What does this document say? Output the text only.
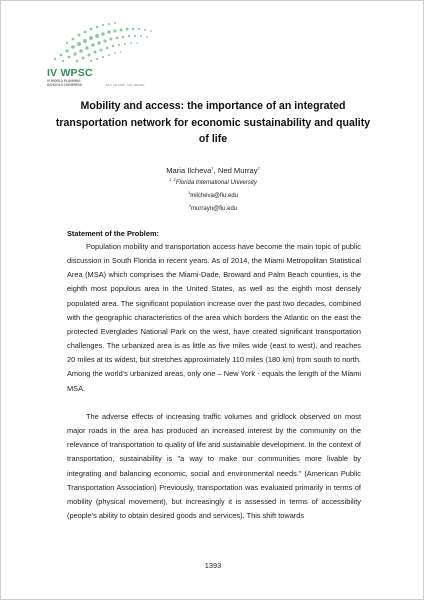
IV WPSC
IV WORLD PLANNING SCHOOLS CONGRESS	JULY 4-8 2016 · RIO, BRAZIL
Mobility and access: the importance of an integrated transportation network for economic sustainability and quality of life
Maria Ilcheva$^1$, Ned Murray$^2$
$^{1, 2}$Florida International University
$^1$milcheva@fiu.edu
$^2$murrayn@fiu.edu
Statement of the Problem:

Population mobility and transportation access have become the main topic of public discussion in South Florida in recent years. As of 2014, the Miami Metropolitan Statistical Area (MSA) which comprises the Miami-Dade, Broward and Palm Beach counties, is the eighth most populous area in the United States, as well as the eighth most densely populated area. The significant population increase over the past two decades, combined with the geographic characteristics of the area which borders the Atlantic on the east the protected Everglades National Park on the west, have created significant transportation challenges. The urbanized area is as little as five miles wide (east to west), and reaches 20 miles at its widest, but stretches approximately 110 miles (180 km) from south to north. Among the world's urbanized areas, only one – New York - equals the length of the Miami MSA.

The adverse effects of increasing traffic volumes and gridlock observed on most major roads in the area has produced an increased interest by the community on the relevance of transportation to quality of life and sustainable development. In the context of transportation, sustainability is "a way to make our communities more livable by integrating and balancing economic, social and environmental needs." (American Public Transportation Association) Previously, transportation was evaluated primarily in terms of mobility (physical movement), but increasingly it is assessed in terms of accessibility (people's ability to obtain desired goods and services). This shift towards

1393
